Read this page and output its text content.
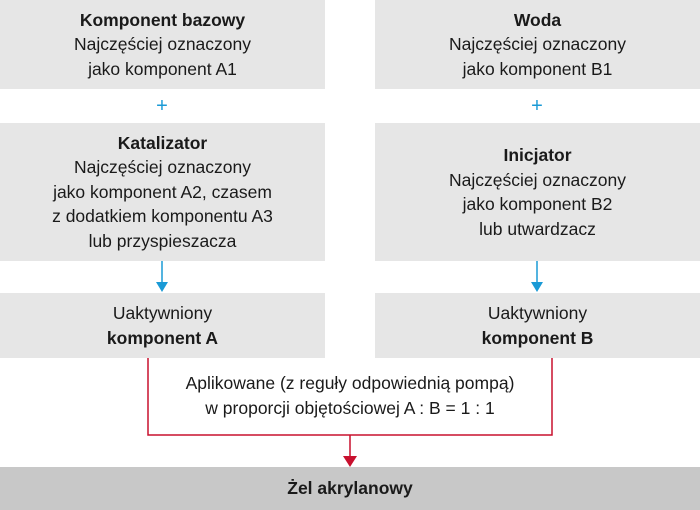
Komponent bazowy
Najczęściej oznaczony
jako komponent A1
+
Katalizator
Najczęściej oznaczony
jako komponent A2, czasem
z dodatkiem komponentu A3
lub przyspieszacza
Uaktywniony
komponent A
Woda
Najczęściej oznaczony
jako komponent B1
+
Inicjator
Najczęściej oznaczony
jako komponent B2
lub utwardzacz
Uaktywniony
komponent B
Aplikowane (z reguły odpowiednią pompą)
w proporcji objętościowej A : B = 1 : 1
Żel akrylanowy
